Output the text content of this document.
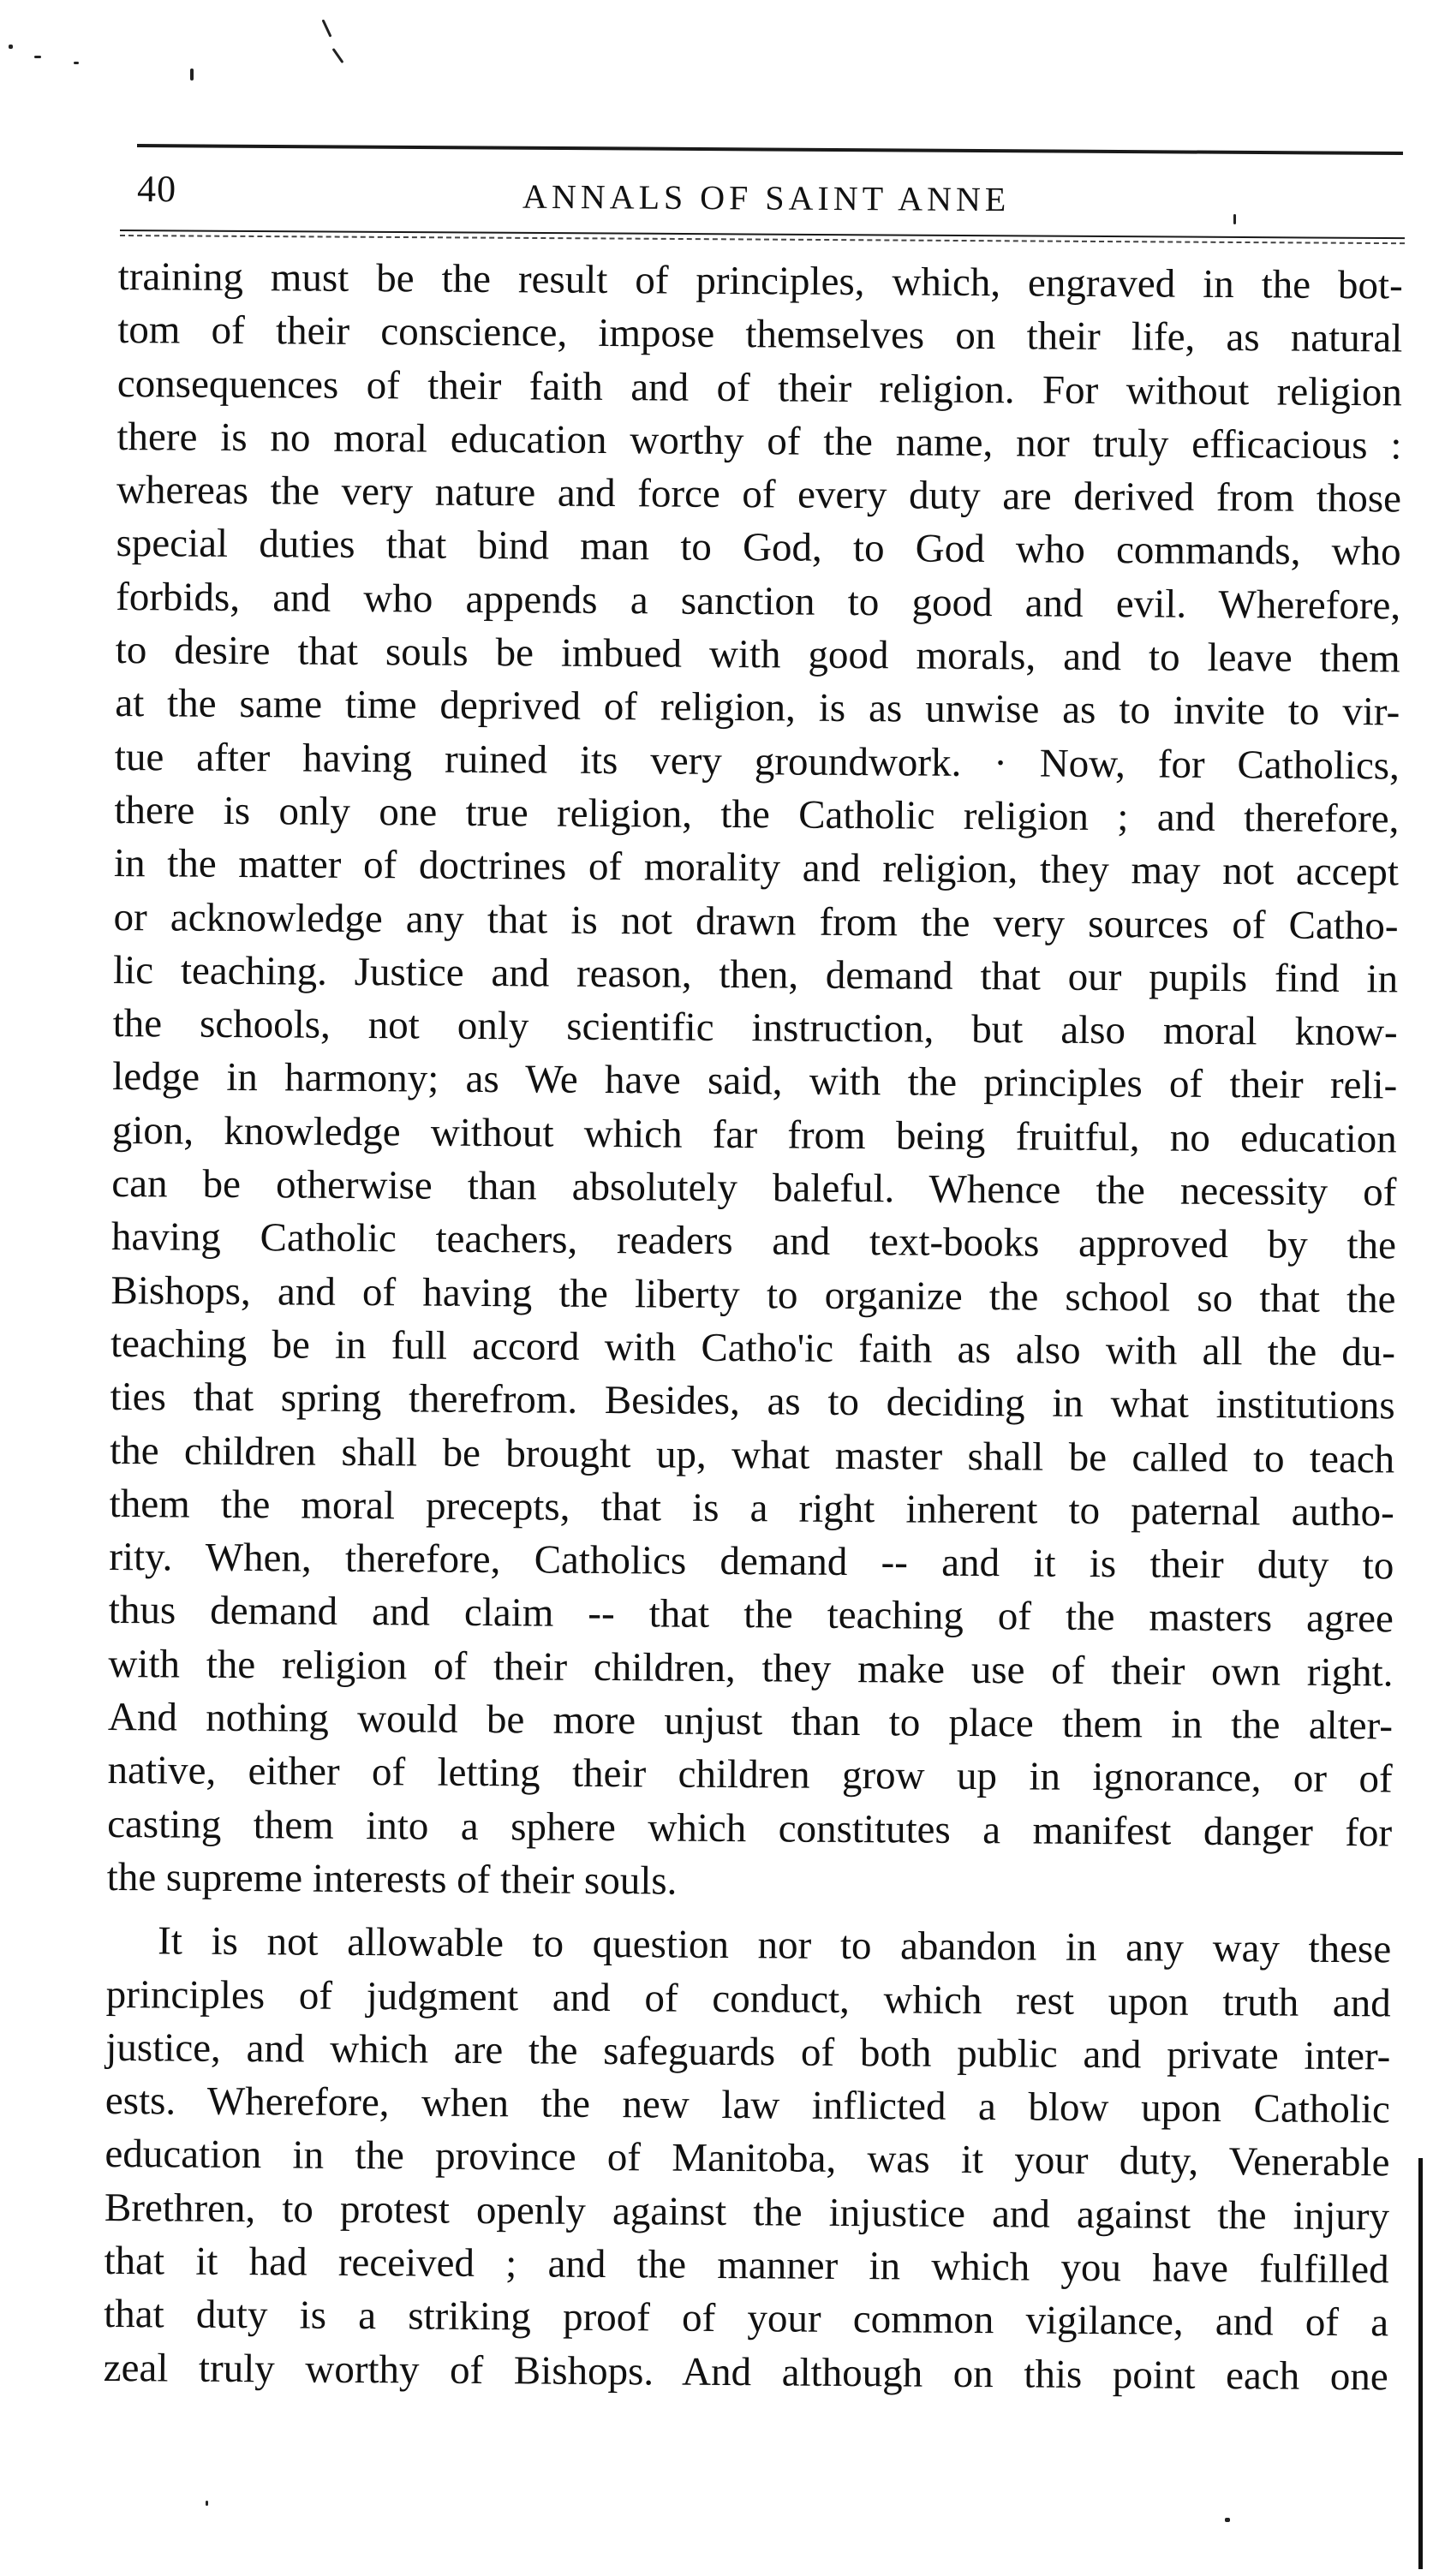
40	ANNALS OF SAINT ANNE
training must be the result of principles, which, engraved in the bot-
tom of their conscience, impose themselves on their life, as natural
consequences of their faith and of their religion. For without religion
there is no moral education worthy of the name, nor truly efficacious :
whereas the very nature and force of every duty are derived from those
special duties that bind man to God, to God who commands, who
forbids, and who appends a sanction to good and evil. Wherefore,
to desire that souls be imbued with good morals, and to leave them
at the same time deprived of religion, is as unwise as to invite to vir-
tue after having ruined its very groundwork. · Now, for Catholics,
there is only one true religion, the Catholic religion ; and therefore,
in the matter of doctrines of morality and religion, they may not accept
or acknowledge any that is not drawn from the very sources of Catho-
lic teaching. Justice and reason, then, demand that our pupils find in
the schools, not only scientific instruction, but also moral know-
ledge in harmony; as We have said, with the principles of their reli-
gion, knowledge without which far from being fruitful, no education
can be otherwise than absolutely baleful. Whence the necessity of
having Catholic teachers, readers and text-books approved by the
Bishops, and of having the liberty to organize the school so that the
teaching be in full accord with Catho'ic faith as also with all the du-
ties that spring therefrom. Besides, as to deciding in what institutions
the children shall be brought up, what master shall be called to teach
them the moral precepts, that is a right inherent to paternal autho-
rity. When, therefore, Catholics demand -- and it is their duty to
thus demand and claim -- that the teaching of the masters agree
with the religion of their children, they make use of their own right.
And nothing would be more unjust than to place them in the alter-
native, either of letting their children grow up in ignorance, or of
casting them into a sphere which constitutes a manifest danger for
the supreme interests of their souls.
It is not allowable to question nor to abandon in any way these
principles of judgment and of conduct, which rest upon truth and
justice, and which are the safeguards of both public and private inter-
ests. Wherefore, when the new law inflicted a blow upon Catholic
education in the province of Manitoba, was it your duty, Venerable
Brethren, to protest openly against the injustice and against the injury
that it had received ; and the manner in which you have fulfilled
that duty is a striking proof of your common vigilance, and of a
zeal truly worthy of Bishops. And although on this point each one
